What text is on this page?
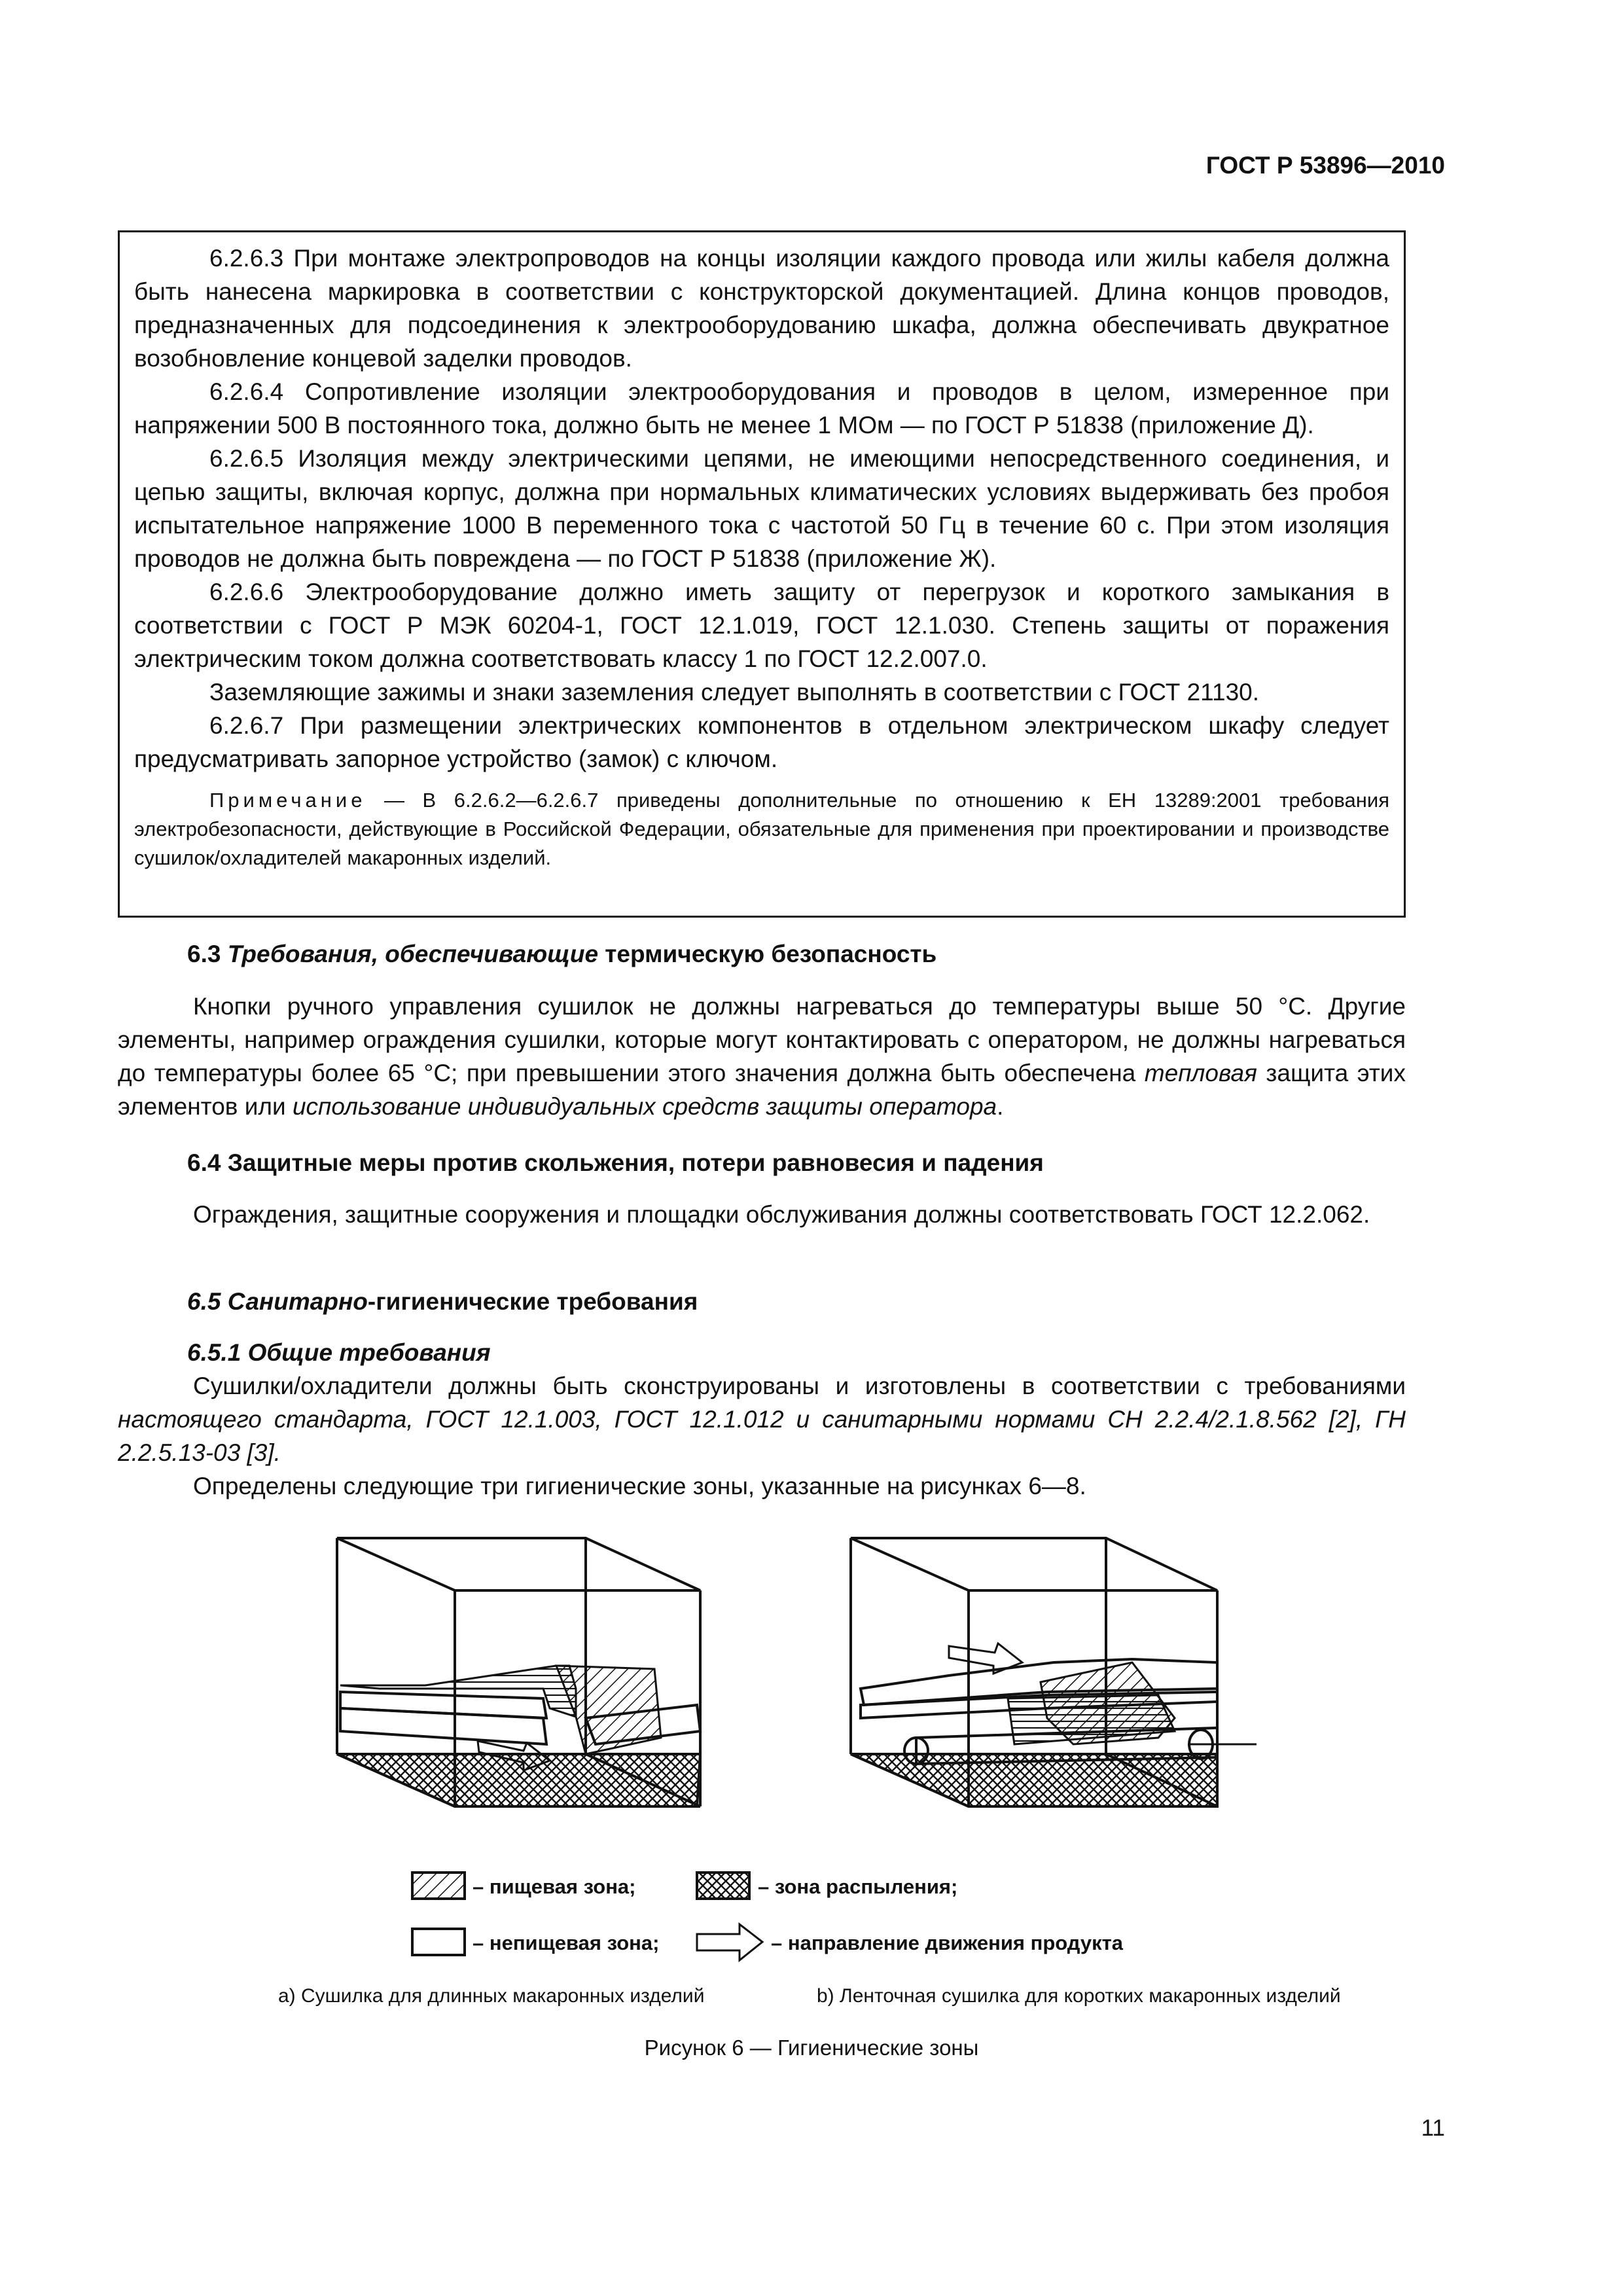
ГОСТ Р 53896—2010

6.2.6.3 При монтаже электропроводов на концы изоляции каждого провода или жилы кабеля должна быть нанесена маркировка в соответствии с конструкторской документацией. Длина концов проводов, предназначенных для подсоединения к электрооборудованию шкафа, должна обеспечивать двукратное возобновление концевой заделки проводов.

6.2.6.4 Сопротивление изоляции электрооборудования и проводов в целом, измеренное при напряжении 500 В постоянного тока, должно быть не менее 1 МОм — по ГОСТ Р 51838 (приложение Д).

6.2.6.5 Изоляция между электрическими цепями, не имеющими непосредственного соединения, и цепью защиты, включая корпус, должна при нормальных климатических условиях выдерживать без пробоя испытательное напряжение 1000 В переменного тока с частотой 50 Гц в течение 60 с. При этом изоляция проводов не должна быть повреждена — по ГОСТ Р 51838 (приложение Ж).

6.2.6.6 Электрооборудование должно иметь защиту от перегрузок и короткого замыкания в соответствии с ГОСТ Р МЭК 60204-1, ГОСТ 12.1.019, ГОСТ 12.1.030. Степень защиты от поражения электрическим током должна соответствовать классу 1 по ГОСТ 12.2.007.0.

Заземляющие зажимы и знаки заземления следует выполнять в соответствии с ГОСТ 21130.

6.2.6.7 При размещении электрических компонентов в отдельном электрическом шкафу следует предусматривать запорное устройство (замок) с ключом.

Примечание — В 6.2.6.2—6.2.6.7 приведены дополнительные по отношению к ЕН 13289:2001 требования электробезопасности, действующие в Российской Федерации, обязательные для применения при проектировании и производстве сушилок/охладителей макаронных изделий.

6.3 Требования, обеспечивающие термическую безопасность

Кнопки ручного управления сушилок не должны нагреваться до температуры выше 50 °С. Другие элементы, например ограждения сушилки, которые могут контактировать с оператором, не должны нагреваться до температуры более 65 °С; при превышении этого значения должна быть обеспечена тепловая защита этих элементов или использование индивидуальных средств защиты оператора.

6.4 Защитные меры против скольжения, потери равновесия и падения

Ограждения, защитные сооружения и площадки обслуживания должны соответствовать ГОСТ 12.2.062.

6.5 Санитарно-гигиенические требования
6.5.1 Общие требования

Сушилки/охладители должны быть сконструированы и изготовлены в соответствии с требованиями настоящего стандарта, ГОСТ 12.1.003, ГОСТ 12.1.012 и санитарными нормами СН 2.2.4/2.1.8.562 [2], ГН 2.2.5.13-03 [3].

Определены следующие три гигиенические зоны, указанные на рисунках 6—8.

– пищевая зона;	– зона распыления;
– непищевая зона;	– направление движения продукта
а) Сушилка для длинных макаронных изделий	b) Ленточная сушилка для коротких макаронных изделий
Рисунок 6 — Гигиенические зоны
11
